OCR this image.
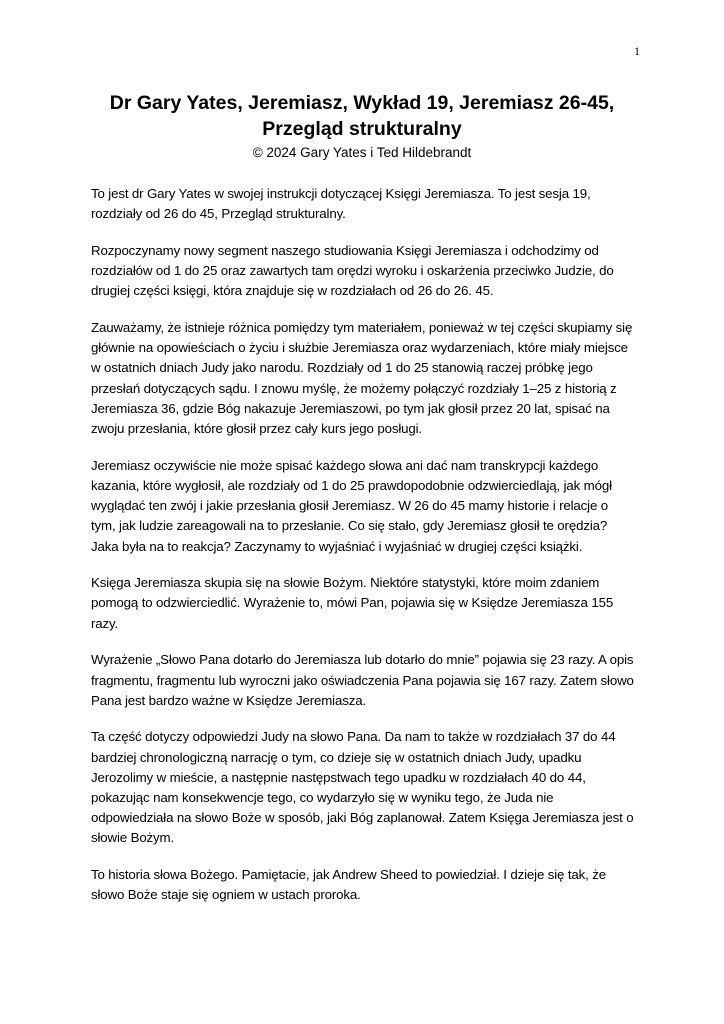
1
Dr Gary Yates, Jeremiasz, Wykład 19, Jeremiasz 26-45,
Przegląd strukturalny
© 2024 Gary Yates i Ted Hildebrandt

To jest dr Gary Yates w swojej instrukcji dotyczącej Księgi Jeremiasza. To jest sesja 19, rozdziały od 26 do 45, Przegląd strukturalny.

Rozpoczynamy nowy segment naszego studiowania Księgi Jeremiasza i odchodzimy od rozdziałów od 1 do 25 oraz zawartych tam orędzi wyroku i oskarżenia przeciwko Judzie, do drugiej części księgi, która znajduje się w rozdziałach od 26 do 26. 45.

Zauważamy, że istnieje różnica pomiędzy tym materiałem, ponieważ w tej części skupiamy się głównie na opowieściach o życiu i służbie Jeremiasza oraz wydarzeniach, które miały miejsce w ostatnich dniach Judy jako narodu. Rozdziały od 1 do 25 stanowią raczej próbkę jego przesłań dotyczących sądu. I znowu myślę, że możemy połączyć rozdziały 1–25 z historią z Jeremiasza 36, gdzie Bóg nakazuje Jeremiaszowi, po tym jak głosił przez 20 lat, spisać na zwoju przesłania, które głosił przez cały kurs jego posługi.

Jeremiasz oczywiście nie może spisać każdego słowa ani dać nam transkrypcji każdego kazania, które wygłosił, ale rozdziały od 1 do 25 prawdopodobnie odzwierciedlają, jak mógł wyglądać ten zwój i jakie przesłania głosił Jeremiasz. W 26 do 45 mamy historie i relacje o tym, jak ludzie zareagowali na to przesłanie. Co się stało, gdy Jeremiasz głosił te orędzia? Jaka była na to reakcja? Zaczynamy to wyjaśniać i wyjaśniać w drugiej części książki.

Księga Jeremiasza skupia się na słowie Bożym. Niektóre statystyki, które moim zdaniem pomogą to odzwierciedlić. Wyrażenie to, mówi Pan, pojawia się w Księdze Jeremiasza 155 razy.

Wyrażenie „Słowo Pana dotarło do Jeremiasza lub dotarło do mnie” pojawia się 23 razy. A opis fragmentu, fragmentu lub wyroczni jako oświadczenia Pana pojawia się 167 razy. Zatem słowo Pana jest bardzo ważne w Księdze Jeremiasza.

Ta część dotyczy odpowiedzi Judy na słowo Pana. Da nam to także w rozdziałach 37 do 44 bardziej chronologiczną narrację o tym, co dzieje się w ostatnich dniach Judy, upadku Jerozolimy w mieście, a następnie następstwach tego upadku w rozdziałach 40 do 44, pokazując nam konsekwencje tego, co wydarzyło się w wyniku tego, że Juda nie odpowiedziała na słowo Boże w sposób, jaki Bóg zaplanował. Zatem Księga Jeremiasza jest o słowie Bożym.

To historia słowa Bożego. Pamiętacie, jak Andrew Sheed to powiedział. I dzieje się tak, że słowo Boże staje się ogniem w ustach proroka.
